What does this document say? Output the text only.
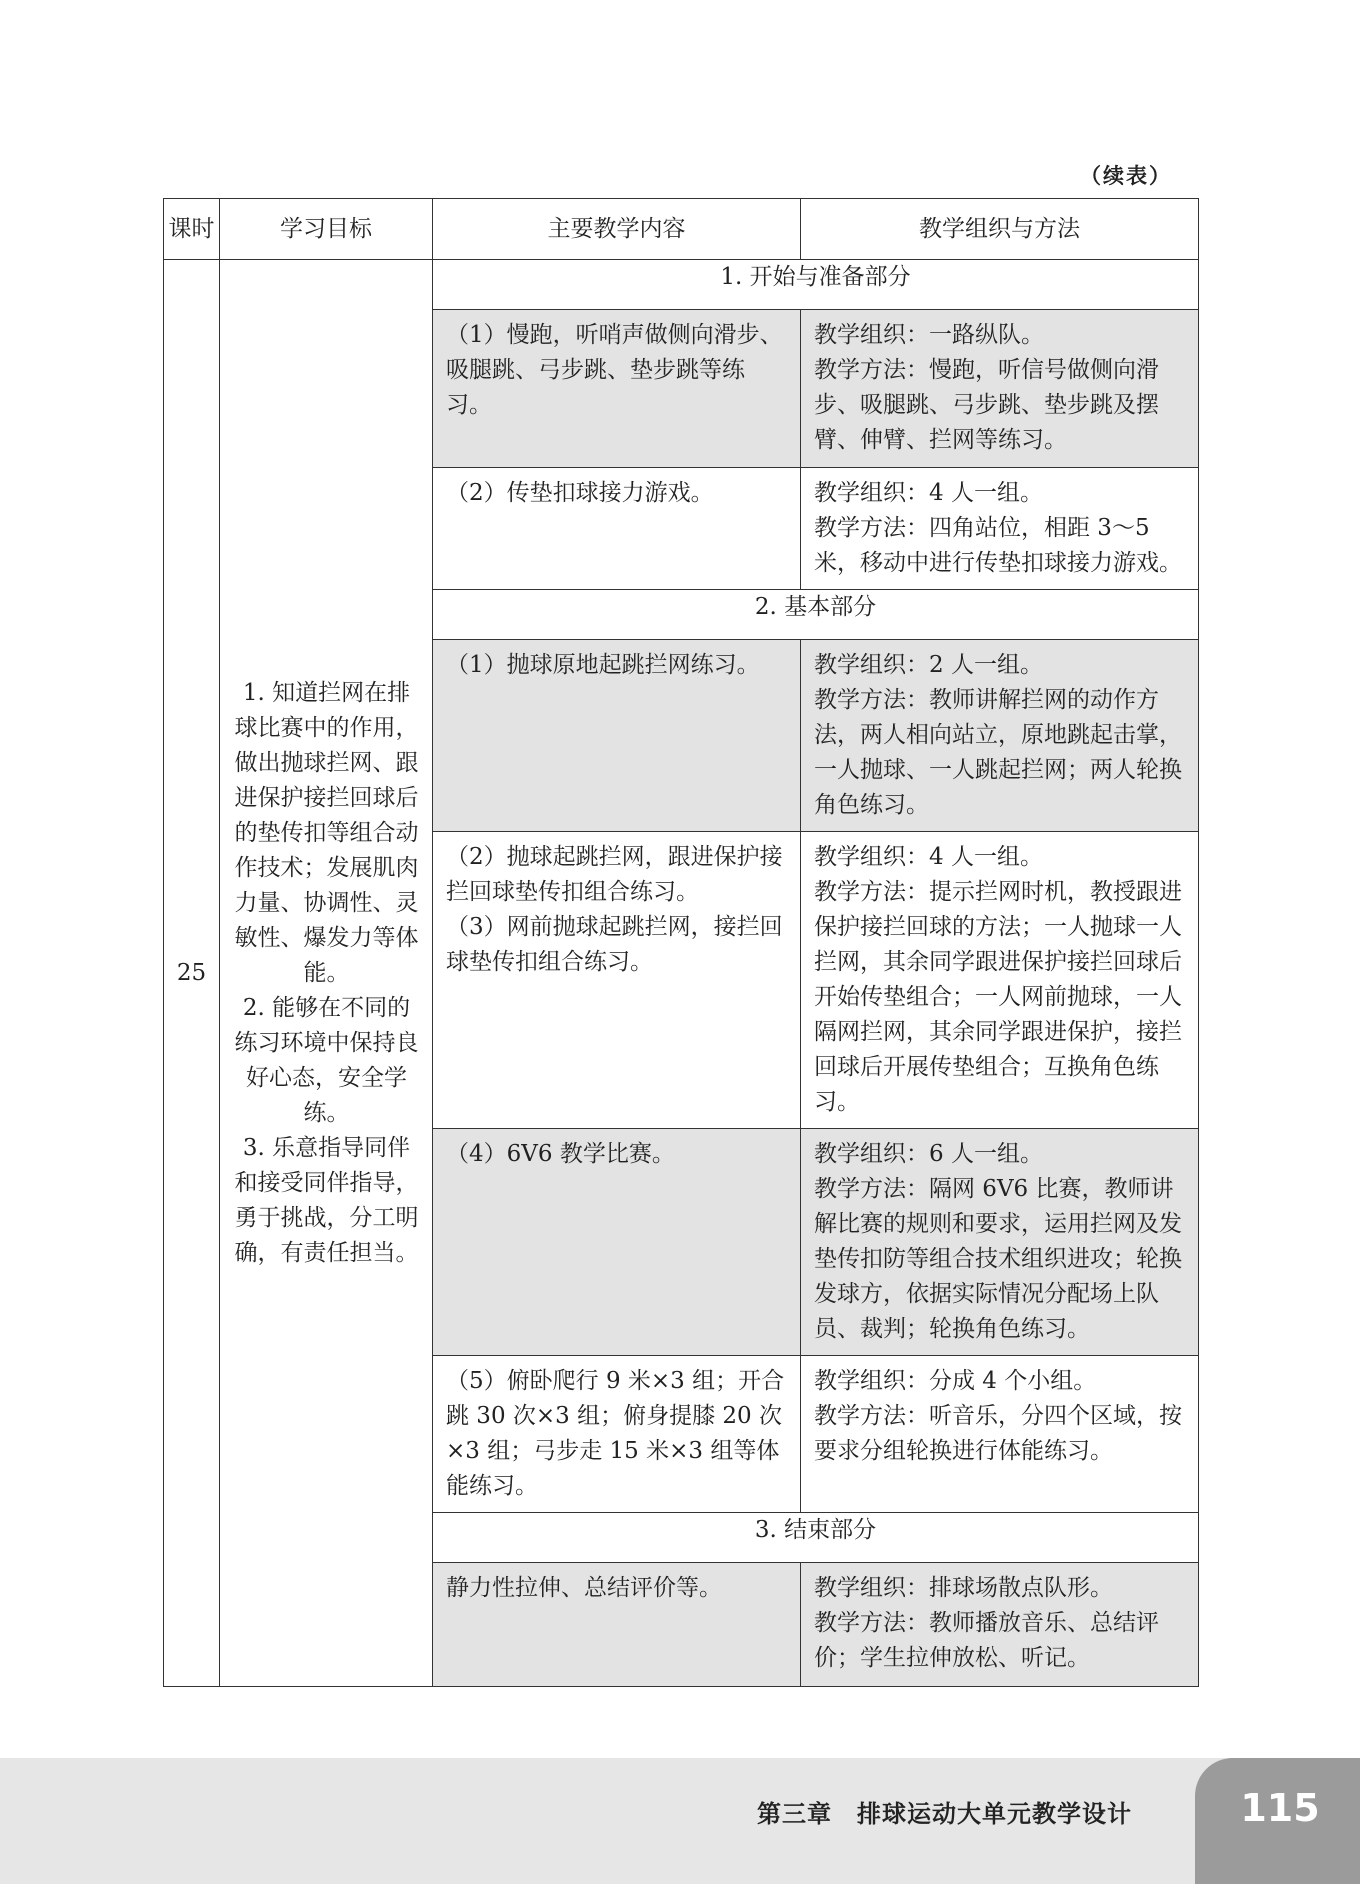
（续表）
课时	学习目标	主要教学内容	教学组织与方法
25	1. 知道拦网在排球比赛中的作用，做出抛球拦网、跟进保护接拦回球后的垫传扣等组合动作技术；发展肌肉力量、协调性、灵敏性、爆发力等体能。
2. 能够在不同的练习环境中保持良好心态，安全学练。
3. 乐意指导同伴和接受同伴指导，勇于挑战，分工明确，有责任担当。	1. 开始与准备部分	

		（1）慢跑，听哨声做侧向滑步、吸腿跳、弓步跳、垫步跳等练习。	教学组织：一路纵队。
教学方法：慢跑，听信号做侧向滑步、吸腿跳、弓步跳、垫步跳及摆臂、伸臂、拦网等练习。

		（2）传垫扣球接力游戏。	教学组织：4 人一组。
教学方法：四角站位，相距 3～5 米，移动中进行传垫扣球接力游戏。

		2. 基本部分	

		（1）抛球原地起跳拦网练习。	教学组织：2 人一组。
教学方法：教师讲解拦网的动作方法，两人相向站立，原地跳起击掌，一人抛球、一人跳起拦网；两人轮换角色练习。

		（2）抛球起跳拦网，跟进保护接拦回球垫传扣组合练习。
（3）网前抛球起跳拦网，接拦回球垫传扣组合练习。	教学组织：4 人一组。
教学方法：提示拦网时机，教授跟进保护接拦回球的方法；一人抛球一人拦网，其余同学跟进保护接拦回球后开始传垫组合；一人网前抛球，一人隔网拦网，其余同学跟进保护，接拦回球后开展传垫组合；互换角色练习。

		（4）6V6 教学比赛。	教学组织：6 人一组。
教学方法：隔网 6V6 比赛，教师讲解比赛的规则和要求，运用拦网及发垫传扣防等组合技术组织进攻；轮换发球方，依据实际情况分配场上队员、裁判；轮换角色练习。

		（5）俯卧爬行 9 米×3 组；开合跳 30 次×3 组；俯身提膝 20 次×3 组；弓步走 15 米×3 组等体能练习。	教学组织：分成 4 个小组。
教学方法：听音乐，分四个区域，按要求分组轮换进行体能练习。

		3. 结束部分	

		静力性拉伸、总结评价等。	教学组织：排球场散点队形。
教学方法：教师播放音乐、总结评价；学生拉伸放松、听记。
第三章　排球运动大单元教学设计	115
